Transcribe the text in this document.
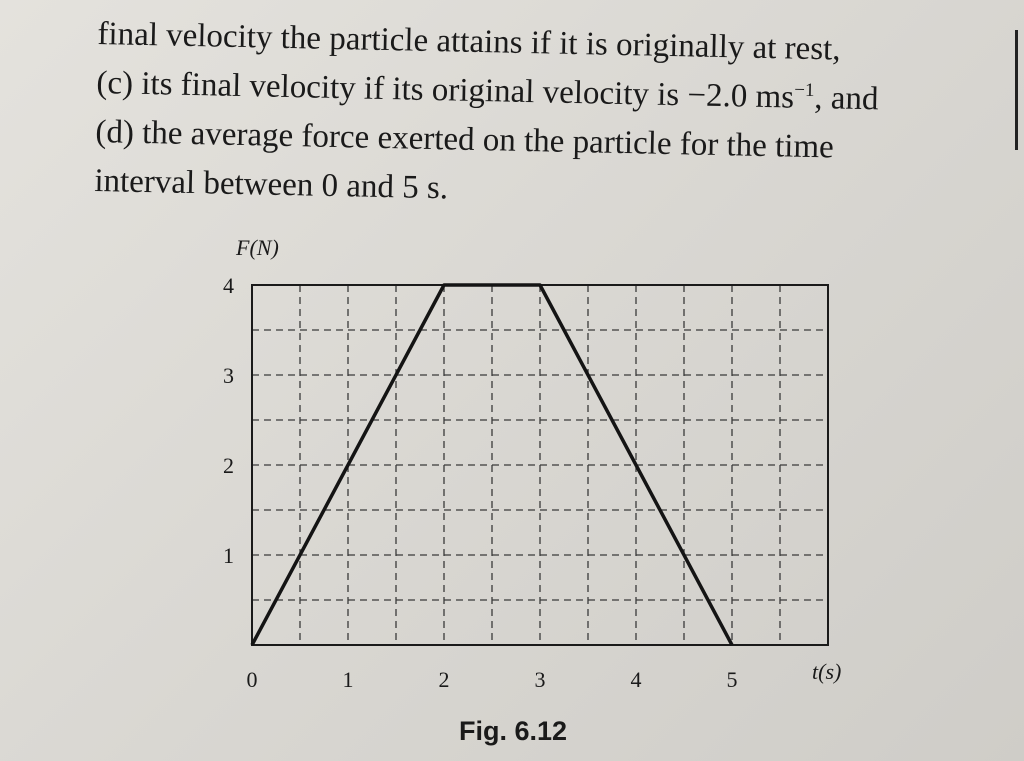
final velocity the particle attains if it is originally at rest,
(c) its final velocity if its original velocity is −2.0 $ms^{-1}$, and
(d) the average force exerted on the particle for the time
interval between 0 and 5 s.
0	1	2	3	4	5
1
2
3
4
F(N)
t(s)
Fig. 6.12
